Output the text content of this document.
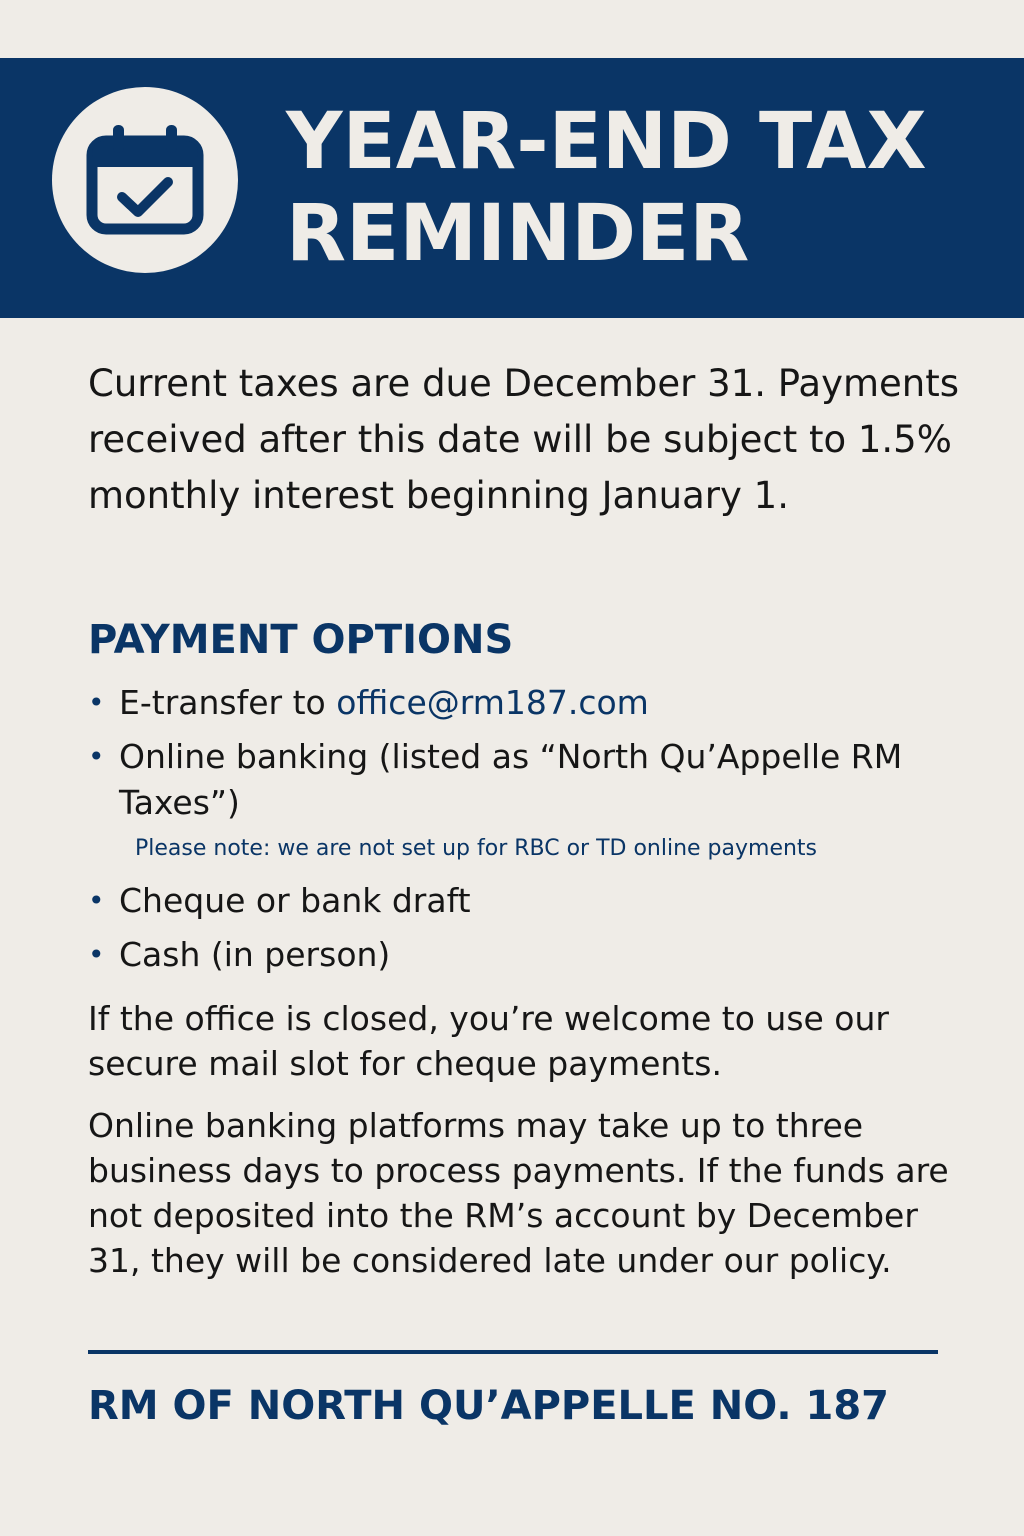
YEAR-END TAX
REMINDER

Current taxes are due December 31. Payments received after this date will be subject to 1.5% monthly interest beginning January 1.

PAYMENT OPTIONS
• E-transfer to office@rm187.com
• Online banking (listed as “North Qu’Appelle RM Taxes”)
Please note: we are not set up for RBC or TD online payments
• Cheque or bank draft
• Cash (in person)

If the office is closed, you’re welcome to use our secure mail slot for cheque payments.

Online banking platforms may take up to three business days to process payments. If the funds are not deposited into the RM’s account by December 31, they will be considered late under our policy.

RM OF NORTH QU’APPELLE NO. 187
